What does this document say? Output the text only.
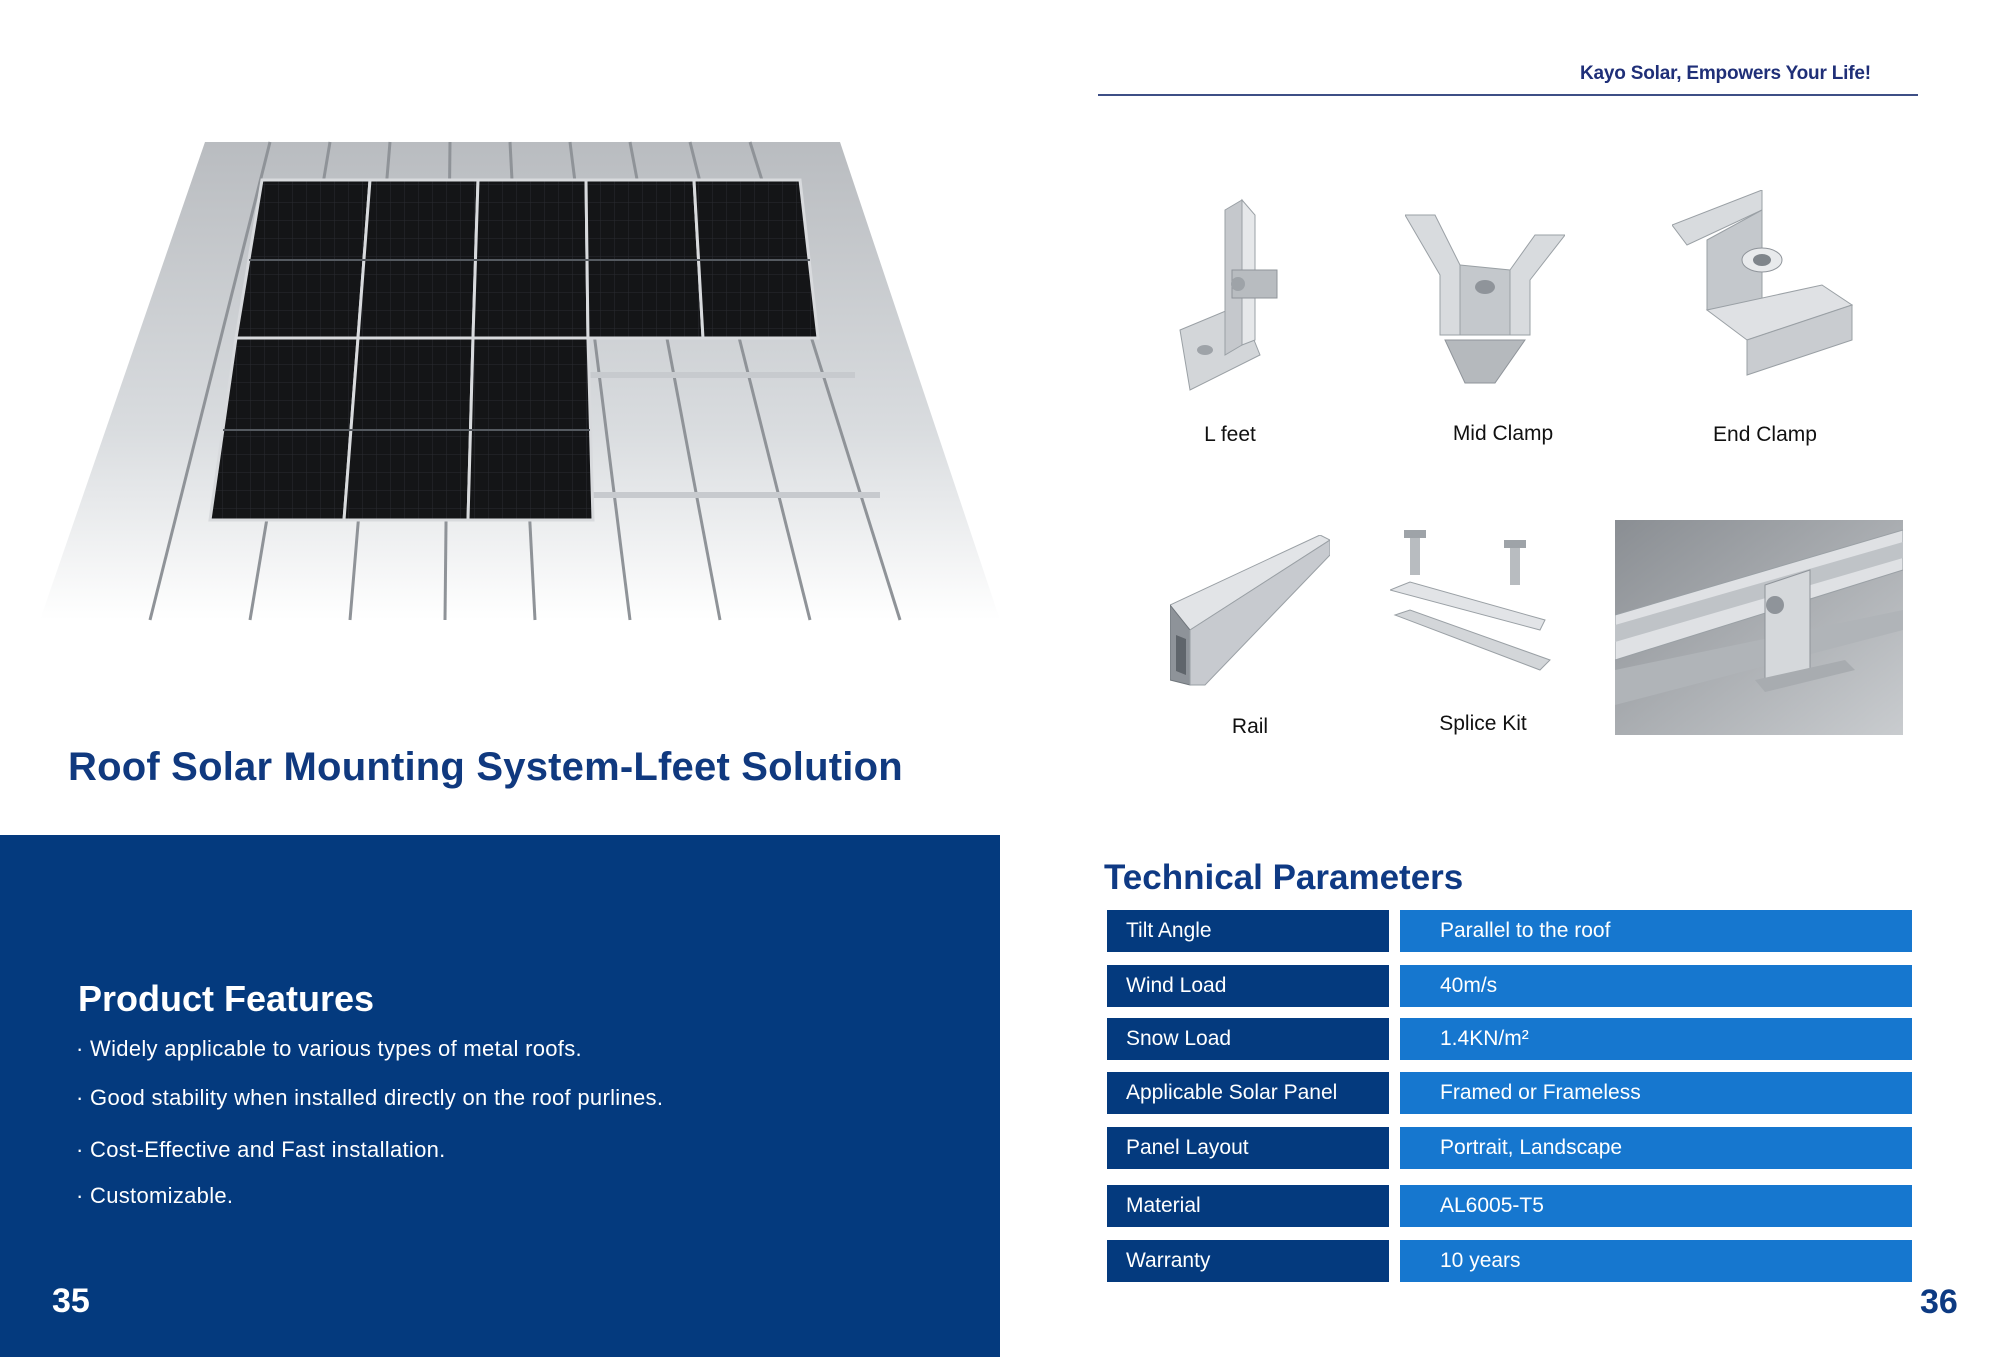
Roof Solar Mounting System-Lfeet Solution
Product Features
· Widely applicable to various types of metal roofs.
· Good stability when installed directly on the roof purlines.
· Cost-Effective and Fast installation.
· Customizable.
35
Kayo Solar, Empowers Your Life!
L feet	Mid Clamp	End Clamp
Rail	Splice Kit
Technical Parameters
Tilt Angle	Parallel to the roof
Wind Load	40m/s
Snow Load	1.4KN/m²
Applicable Solar Panel	Framed or Frameless
Panel Layout	Portrait, Landscape
Material	AL6005-T5
Warranty	10 years
36
